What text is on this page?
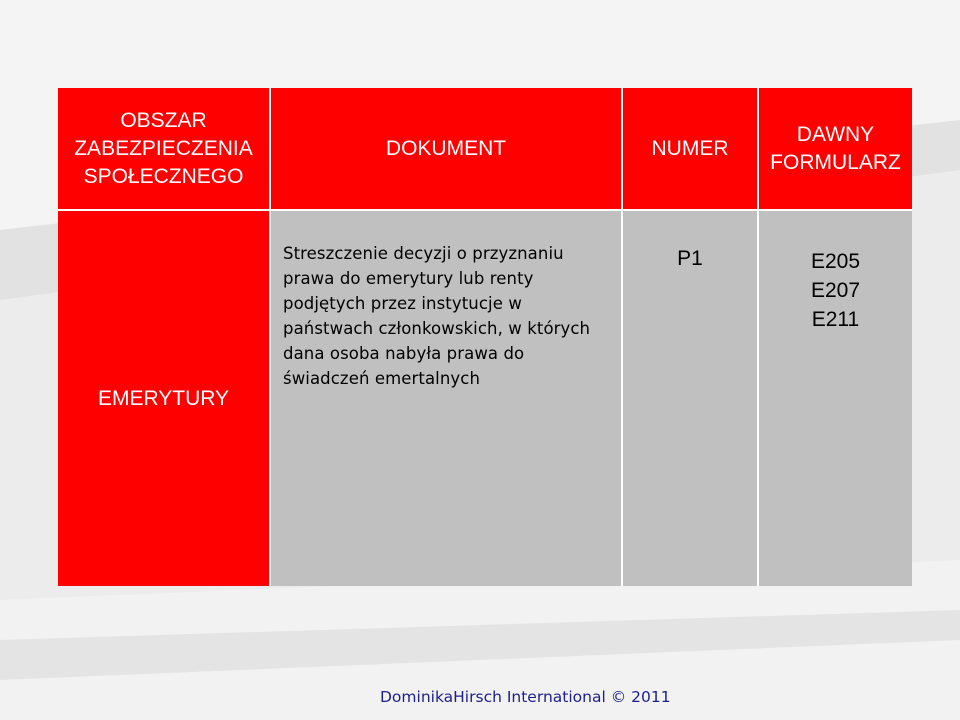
OBSZAR
ZABEZPIECZENIA
SPOŁECZNEGO
DOKUMENT	NUMER
DAWNY
FORMULARZ
EMERYTURY
Streszczenie decyzji o przyznaniu
prawa do emerytury lub renty
podjętych przez instytucje w
państwach członkowskich, w których
dana osoba nabyła prawa do
świadczeń emertalnych
P1	E205
E207
E211
DominikaHirsch International © 2011
